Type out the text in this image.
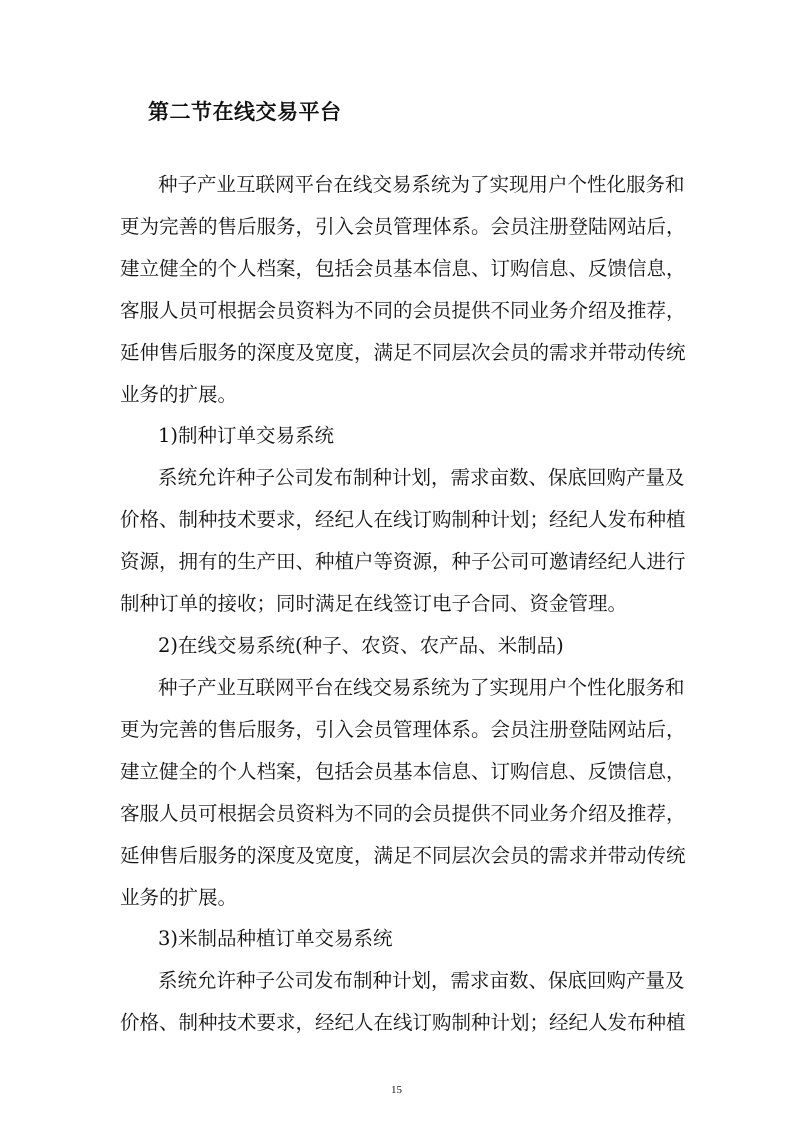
第二节在线交易平台

种子产业互联网平台在线交易系统为了实现用户个性化服务和

更为完善的售后服务，引入会员管理体系。会员注册登陆网站后，

建立健全的个人档案，包括会员基本信息、订购信息、反馈信息，

客服人员可根据会员资料为不同的会员提供不同业务介绍及推荐，

延伸售后服务的深度及宽度，满足不同层次会员的需求并带动传统

业务的扩展。

1)制种订单交易系统

系统允许种子公司发布制种计划，需求亩数、保底回购产量及

价格、制种技术要求，经纪人在线订购制种计划；经纪人发布种植

资源，拥有的生产田、种植户等资源，种子公司可邀请经纪人进行

制种订单的接收；同时满足在线签订电子合同、资金管理。

2)在线交易系统(种子、农资、农产品、米制品)

种子产业互联网平台在线交易系统为了实现用户个性化服务和

更为完善的售后服务，引入会员管理体系。会员注册登陆网站后，

建立健全的个人档案，包括会员基本信息、订购信息、反馈信息，

客服人员可根据会员资料为不同的会员提供不同业务介绍及推荐，

延伸售后服务的深度及宽度，满足不同层次会员的需求并带动传统

业务的扩展。

3)米制品种植订单交易系统

系统允许种子公司发布制种计划，需求亩数、保底回购产量及

价格、制种技术要求，经纪人在线订购制种计划；经纪人发布种植

15
